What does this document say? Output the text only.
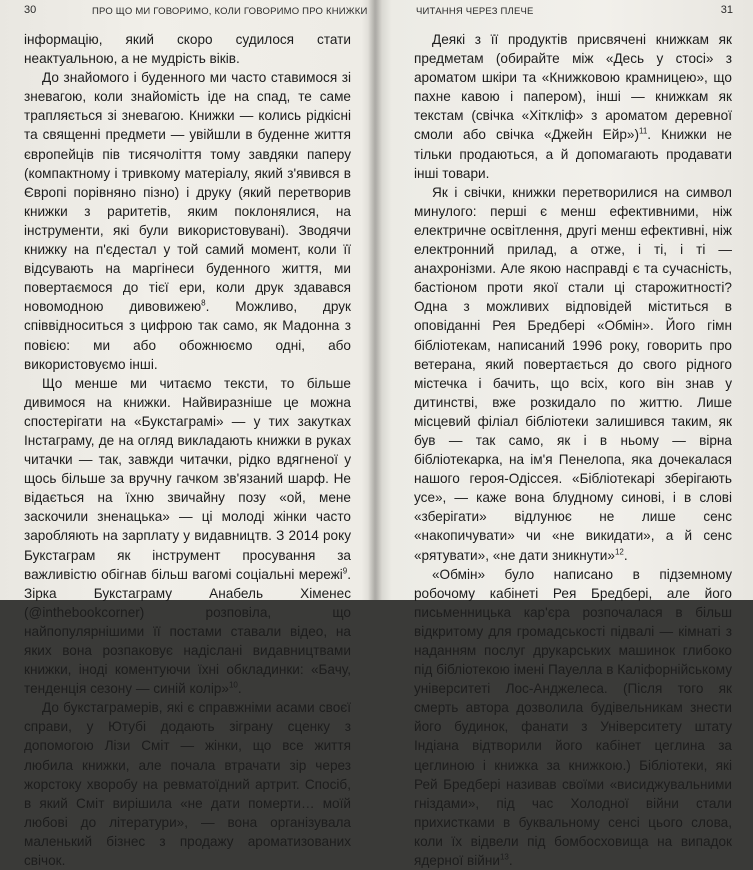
30	ПРО ЩО МИ ГОВОРИМО, КОЛИ ГОВОРИМО ПРО КНИЖКИ

інформацію, який скоро судилося стати неактуальною, а не мудрість віків.

До знайомого і буденного ми часто ставимося зі зневагою, коли знайомість іде на спад, те саме трапляється зі зневагою. Книжки — колись рідкісні та священні предмети — увійшли в буденне життя європейців пів тисячоліття тому завдяки паперу (компактному і тривкому матеріалу, який з'явився в Європі порівняно пізно) і друку (який перетворив книжки з раритетів, яким поклонялися, на інструменти, які були використовувані). Зводячи книжку на п'єдестал у той самий момент, коли її відсувають на маргінеси буденного життя, ми повертаємося до тієї ери, коли друк здавався новомодною дивовижею$^8$. Можливо, друк співвідноситься з цифрою так само, як Мадонна з повією: ми або обожнюємо одні, або використовуємо інші.

Що менше ми читаємо тексти, то більше дивимося на книжки. Найвиразніше це можна спостерігати на «Букстаграмі» — у тих закутках Інстаграму, де на огляд викладають книжки в руках читачки — так, завжди читачки, рідко вдягненої у щось більше за вручну гачком зв'язаний шарф. Не відається на їхню звичайну позу «ой, мене заскочили зненацька» — ці молоді жінки часто заробляють на зарплату у видавництв. З 2014 року Букстаграм як інструмент просування за важливістю обігнав більш вагомі соціальні мережі$^9$. Зірка Букстаграму Анабель Хіменес (@inthebookcorner) розповіла, що найпопулярнішими її постами ставали відео, на яких вона розпаковує надіслані видавництвами книжки, іноді коментуючи їхні обкладинки: «Бачу, тенденція сезону — синій колір»$^{10}$.

До букстаграмерів, які є справжніми асами своєї справи, у Ютубі додають зіграну сценку з допомогою Лізи Сміт — жінки, що все життя любила книжки, але почала втрачати зір через жорстоку хворобу на ревматоїдний артрит. Спосіб, в який Сміт вирішила «не дати померти… моїй любові до літератури», — вона організувала маленький бізнес з продажу ароматизованих свічок.

ЧИТАННЯ ЧЕРЕЗ ПЛЕЧЕ	31

Деякі з її продуктів присвячені книжкам як предметам (обирайте між «Десь у стосі» з ароматом шкіри та «Книжковою крамницею», що пахне кавою і папером), інші — книжкам як текстам (свічка «Хіткліф» з ароматом деревної смоли або свічка «Джейн Ейр»)$^{11}$. Книжки не тільки продаються, а й допомагають продавати інші товари.

Як і свічки, книжки перетворилися на символ минулого: перші є менш ефективними, ніж електричне освітлення, другі менш ефективні, ніж електронний прилад, а отже, і ті, і ті — анахронізми. Але якою насправді є та сучасність, бастіоном проти якої стали ці старожитності? Одна з можливих відповідей міститься в оповіданні Рея Бредбері «Обмін». Його гімн бібліотекам, написаний 1996 року, говорить про ветерана, який повертається до свого рідного містечка і бачить, що всіх, кого він знав у дитинстві, вже розкидало по життю. Лише місцевий філіал бібліотеки залишився таким, як був — так само, як і в ньому — вірна бібліотекарка, на ім'я Пенелопа, яка дочекалася нашого героя-Одіссея. «Бібліотекарі зберігають усе», — каже вона блудному синові, і в слові «зберігати» відлунює не лише сенс «накопичувати» чи «не викидати», а й сенс «рятувати», «не дати зникнути»$^{12}$.

«Обмін» було написано в підземному робочому кабінеті Рея Бредбері, але його письменницька кар'єра розпочалася в більш відкритому для громадськості підвалі — кімнаті з наданням послуг друкарських машинок глибоко під бібліотекою імені Пауелла в Каліфорнійському університеті Лос-Анджелеса. (Після того як смерть автора дозволила будівельникам знести його будинок, фанати з Університету штату Індіана відтворили його кабінет цеглина за цеглиною і книжка за книжкою.) Бібліотеки, які Рей Бредбері називав своїми «висиджувальними гніздами», під час Холодної війни стали прихистками в буквальному сенсі цього слова, коли їх відвели під бомбосховища на випадок ядерної війни$^{13}$.
